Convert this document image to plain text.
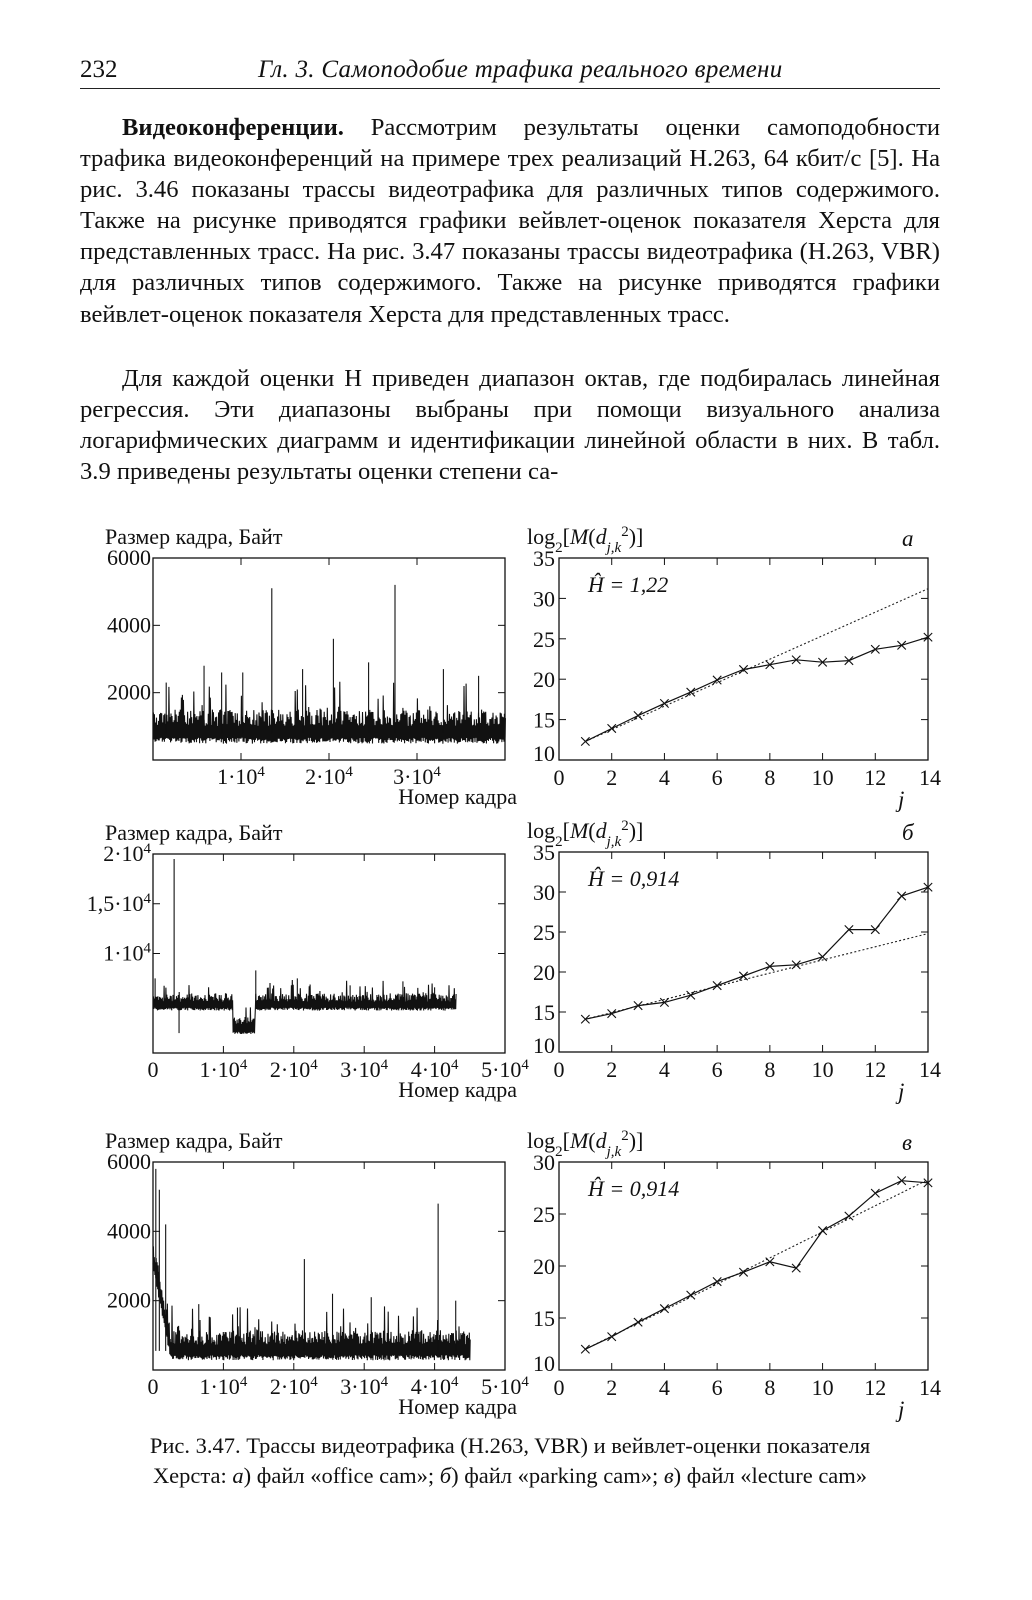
232	Гл. 3. Самоподобие трафика реального времени

Видеоконференции. Рассмотрим результаты оценки самоподобности трафика видеоконференций на примере трех реализаций H.263, 64 кбит/с [5]. На рис. 3.46 показаны трассы видеотрафика для различных типов содержимого. Также на рисунке приводятся графики вейвлет-оценок показателя Херста для представленных трасс. На рис. 3.47 показаны трассы видеотрафика (H.263, VBR) для различных типов содержимого. Также на рисунке приводятся графики вейвлет-оценок показателя Херста для представленных трасс.

Для каждой оценки H приведен диапазон октав, где подбиралась линейная регрессия. Эти диапазоны выбраны при помощи визуального анализа логарифмических диаграмм и идентификации линейной области в них. В табл. 3.9 приведены результаты оценки степени са-

Размер кадра, Байт
6000
4000
2000
$1\cdot 10^4$ $2\cdot 10^4$ $3\cdot 10^4$
Номер кадра
$\log_2[M(d_{j,k}^2)]$	а
35
30
25
20
15
10
0 2 4 6 8 10 12 14
j
Ĥ = 1,22
Размер кадра, Байт
$2\cdot 10^4$
$1,5\cdot 10^4$
$1\cdot 10^4$
0 $1\cdot 10^4$ $2\cdot 10^4$ $3\cdot 10^4$ $4\cdot 10^4$ $5\cdot 10^4$
Номер кадра
$\log_2[M(d_{j,k}^2)]$	б
35
30
25
20
15
10
0 2 4 6 8 10 12 14
j
Ĥ = 0,914
Размер кадра, Байт
6000
4000
2000
0 $1\cdot 10^4$ $2\cdot 10^4$ $3\cdot 10^4$ $4\cdot 10^4$ $5\cdot 10^4$
Номер кадра
$\log_2[M(d_{j,k}^2)]$	в
30
25
20
15
10
0 2 4 6 8 10 12 14
j
Ĥ = 0,914

Рис. 3.47. Трассы видеотрафика (H.263, VBR) и вейвлет-оценки показателя
Херста: а) файл «office cam»; б) файл «parking cam»; в) файл «lecture cam»
